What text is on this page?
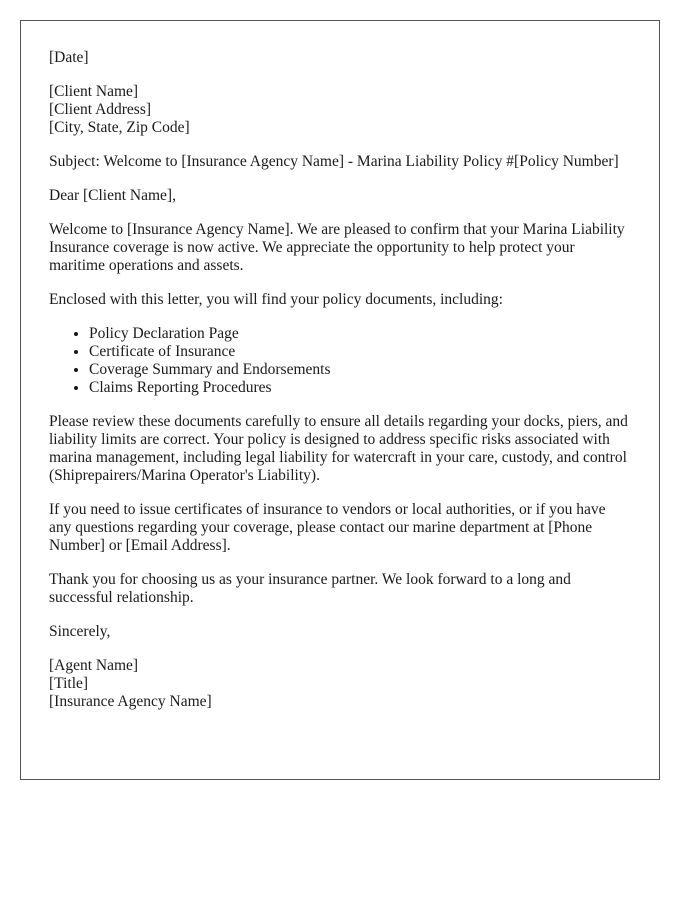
[Date]

[Client Name]
[Client Address]
[City, State, Zip Code]

Subject: Welcome to [Insurance Agency Name] - Marina Liability Policy #[Policy Number]

Dear [Client Name],

Welcome to [Insurance Agency Name]. We are pleased to confirm that your Marina Liability Insurance coverage is now active. We appreciate the opportunity to help protect your maritime operations and assets.

Enclosed with this letter, you will find your policy documents, including:

• Policy Declaration Page
• Certificate of Insurance
• Coverage Summary and Endorsements
• Claims Reporting Procedures

Please review these documents carefully to ensure all details regarding your docks, piers, and liability limits are correct. Your policy is designed to address specific risks associated with marina management, including legal liability for watercraft in your care, custody, and control (Shiprepairers/Marina Operator's Liability).

If you need to issue certificates of insurance to vendors or local authorities, or if you have any questions regarding your coverage, please contact our marine department at [Phone Number] or [Email Address].

Thank you for choosing us as your insurance partner. We look forward to a long and successful relationship.

Sincerely,

[Agent Name]
[Title]
[Insurance Agency Name]
